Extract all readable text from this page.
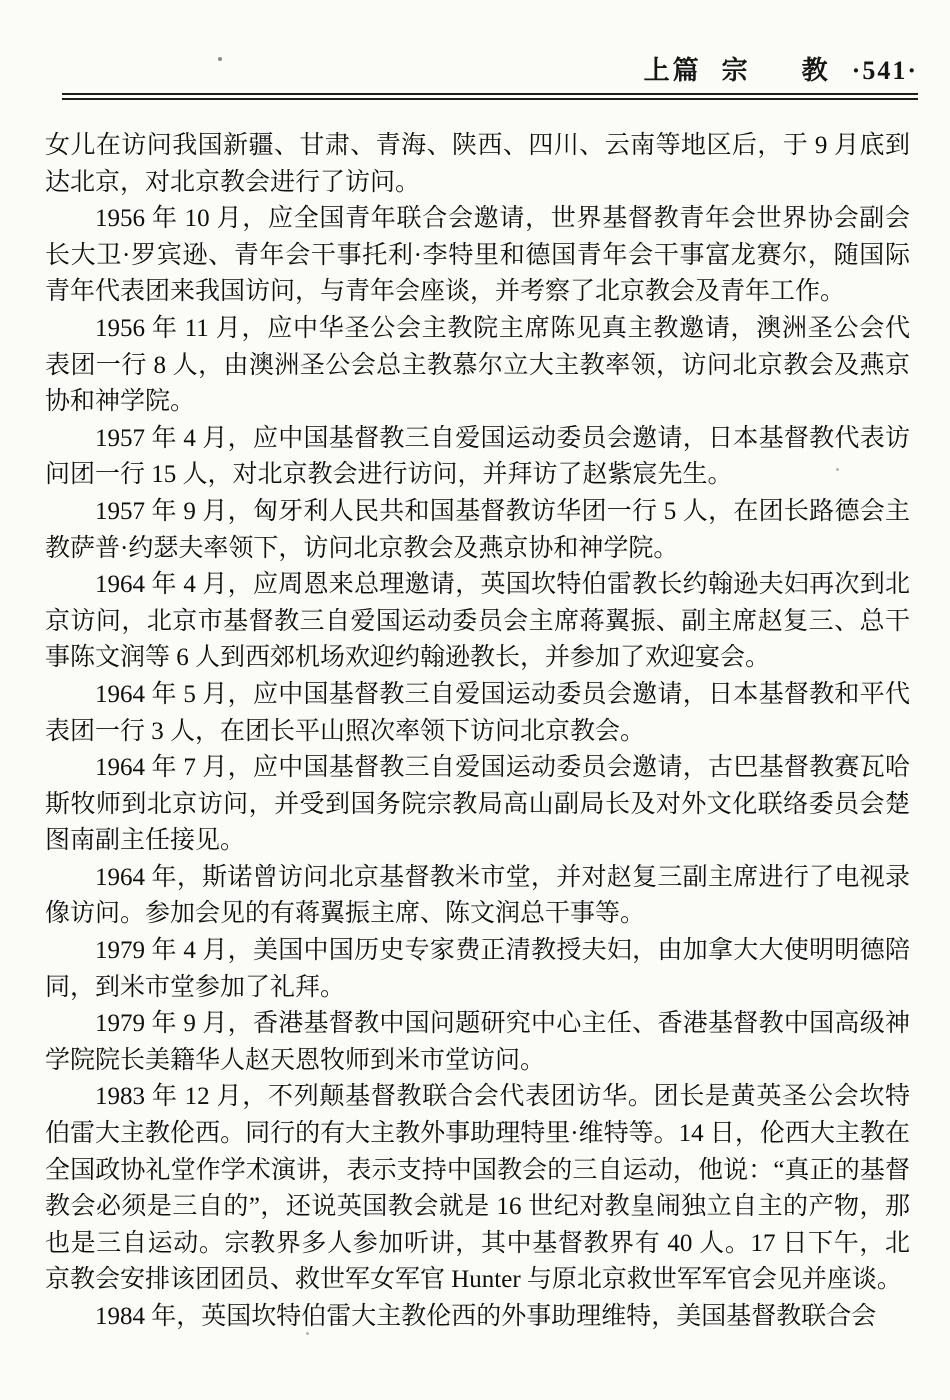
上篇 宗　教 ·541·

女儿在访问我国新疆、甘肃、青海、陕西、四川、云南等地区后，于 9 月底到达北京，对北京教会进行了访问。

1956 年 10 月，应全国青年联合会邀请，世界基督教青年会世界协会副会长大卫·罗宾逊、青年会干事托利·李特里和德国青年会干事富龙赛尔，随国际青年代表团来我国访问，与青年会座谈，并考察了北京教会及青年工作。

1956 年 11 月，应中华圣公会主教院主席陈见真主教邀请，澳洲圣公会代表团一行 8 人，由澳洲圣公会总主教慕尔立大主教率领，访问北京教会及燕京协和神学院。

1957 年 4 月，应中国基督教三自爱国运动委员会邀请，日本基督教代表访问团一行 15 人，对北京教会进行访问，并拜访了赵紫宸先生。

1957 年 9 月，匈牙利人民共和国基督教访华团一行 5 人，在团长路德会主教萨普·约瑟夫率领下，访问北京教会及燕京协和神学院。

1964 年 4 月，应周恩来总理邀请，英国坎特伯雷教长约翰逊夫妇再次到北京访问，北京市基督教三自爱国运动委员会主席蒋翼振、副主席赵复三、总干事陈文润等 6 人到西郊机场欢迎约翰逊教长，并参加了欢迎宴会。

1964 年 5 月，应中国基督教三自爱国运动委员会邀请，日本基督教和平代表团一行 3 人，在团长平山照次率领下访问北京教会。

1964 年 7 月，应中国基督教三自爱国运动委员会邀请，古巴基督教赛瓦哈斯牧师到北京访问，并受到国务院宗教局高山副局长及对外文化联络委员会楚图南副主任接见。

1964 年，斯诺曾访问北京基督教米市堂，并对赵复三副主席进行了电视录像访问。参加会见的有蒋翼振主席、陈文润总干事等。

1979 年 4 月，美国中国历史专家费正清教授夫妇，由加拿大大使明明德陪同，到米市堂参加了礼拜。

1979 年 9 月，香港基督教中国问题研究中心主任、香港基督教中国高级神学院院长美籍华人赵天恩牧师到米市堂访问。

1983 年 12 月，不列颠基督教联合会代表团访华。团长是黄英圣公会坎特伯雷大主教伦西。同行的有大主教外事助理特里·维特等。14 日，伦西大主教在全国政协礼堂作学术演讲，表示支持中国教会的三自运动，他说：“真正的基督教会必须是三自的”，还说英国教会就是 16 世纪对教皇闹独立自主的产物，那也是三自运动。宗教界多人参加听讲，其中基督教界有 40 人。17 日下午，北京教会安排该团团员、救世军女军官 Hunter 与原北京救世军军官会见并座谈。

1984 年，英国坎特伯雷大主教伦西的外事助理维特，美国基督教联合会
